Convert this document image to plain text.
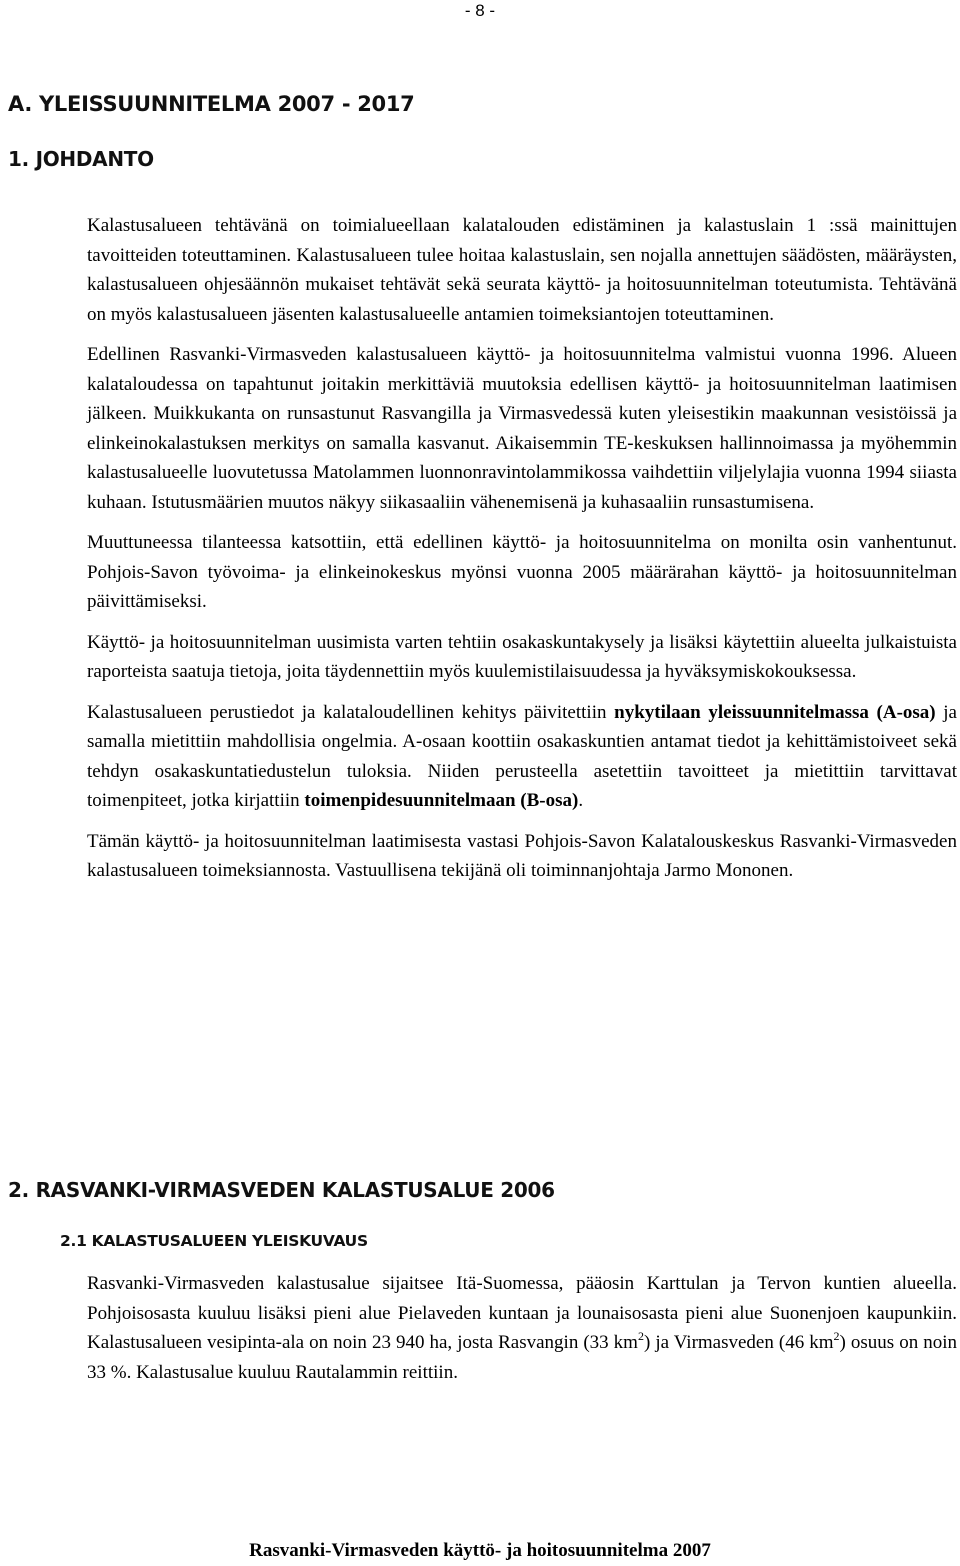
- 8 -
A. YLEISSUUNNITELMA 2007 - 2017
1. JOHDANTO

Kalastusalueen tehtävänä on toimialueellaan kalatalouden edistäminen ja kalastuslain 1 :ssä mainittujen tavoitteiden toteuttaminen. Kalastusalueen tulee hoitaa kalastuslain, sen nojalla annettujen säädösten, määräysten, kalastusalueen ohjesäännön mukaiset tehtävät sekä seurata käyttö- ja hoitosuunnitelman toteutumista. Tehtävänä on myös kalastusalueen jäsenten kalastusalueelle antamien toimeksiantojen toteuttaminen.

Edellinen Rasvanki-Virmasveden kalastusalueen käyttö- ja hoitosuunnitelma valmistui vuonna 1996. Alueen kalataloudessa on tapahtunut joitakin merkittäviä muutoksia edellisen käyttö- ja hoitosuunnitelman laatimisen jälkeen. Muikkukanta on runsastunut Rasvangilla ja Virmasvedessä kuten yleisestikin maakunnan vesistöissä ja elinkeinokalastuksen merkitys on samalla kasvanut. Aikaisemmin TE-keskuksen hallinnoimassa ja myöhemmin kalastusalueelle luovutetussa Matolammen luonnonravintolammikossa vaihdettiin viljelylajia vuonna 1994 siiasta kuhaan. Istutusmäärien muutos näkyy siikasaaliin vähenemisenä ja kuhasaaliin runsastumisena.

Muuttuneessa tilanteessa katsottiin, että edellinen käyttö- ja hoitosuunnitelma on monilta osin vanhentunut. Pohjois-Savon työvoima- ja elinkeinokeskus myönsi vuonna 2005 määrärahan käyttö- ja hoitosuunnitelman päivittämiseksi.

Käyttö- ja hoitosuunnitelman uusimista varten tehtiin osakaskuntakysely ja lisäksi käytettiin alueelta julkaistuista raporteista saatuja tietoja, joita täydennettiin myös kuulemistilaisuudessa ja hyväksymiskokouksessa.

Kalastusalueen perustiedot ja kalataloudellinen kehitys päivitettiin nykytilaan yleissuunnitelmassa (A-osa) ja samalla mietittiin mahdollisia ongelmia. A-osaan koottiin osakaskuntien antamat tiedot ja kehittämistoiveet sekä tehdyn osakaskuntatiedustelun tuloksia. Niiden perusteella asetettiin tavoitteet ja mietittiin tarvittavat toimenpiteet, jotka kirjattiin toimenpidesuunnitelmaan (B-osa).

Tämän käyttö- ja hoitosuunnitelman laatimisesta vastasi Pohjois-Savon Kalatalouskeskus Rasvanki-Virmasveden kalastusalueen toimeksiannosta. Vastuullisena tekijänä oli toiminnanjohtaja Jarmo Mononen.

2. RASVANKI-VIRMASVEDEN KALASTUSALUE 2006
2.1 KALASTUSALUEEN YLEISKUVAUS

Rasvanki-Virmasveden kalastusalue sijaitsee Itä-Suomessa, pääosin Karttulan ja Tervon kuntien alueella. Pohjoisosasta kuuluu lisäksi pieni alue Pielaveden kuntaan ja lounaisosasta pieni alue Suonenjoen kaupunkiin. Kalastusalueen vesipinta-ala on noin 23 940 ha, josta Rasvangin (33 $km^2$) ja Virmasveden (46 $km^2$) osuus on noin 33 %. Kalastusalue kuuluu Rautalammin reittiin.

Rasvanki-Virmasveden käyttö- ja hoitosuunnitelma 2007
